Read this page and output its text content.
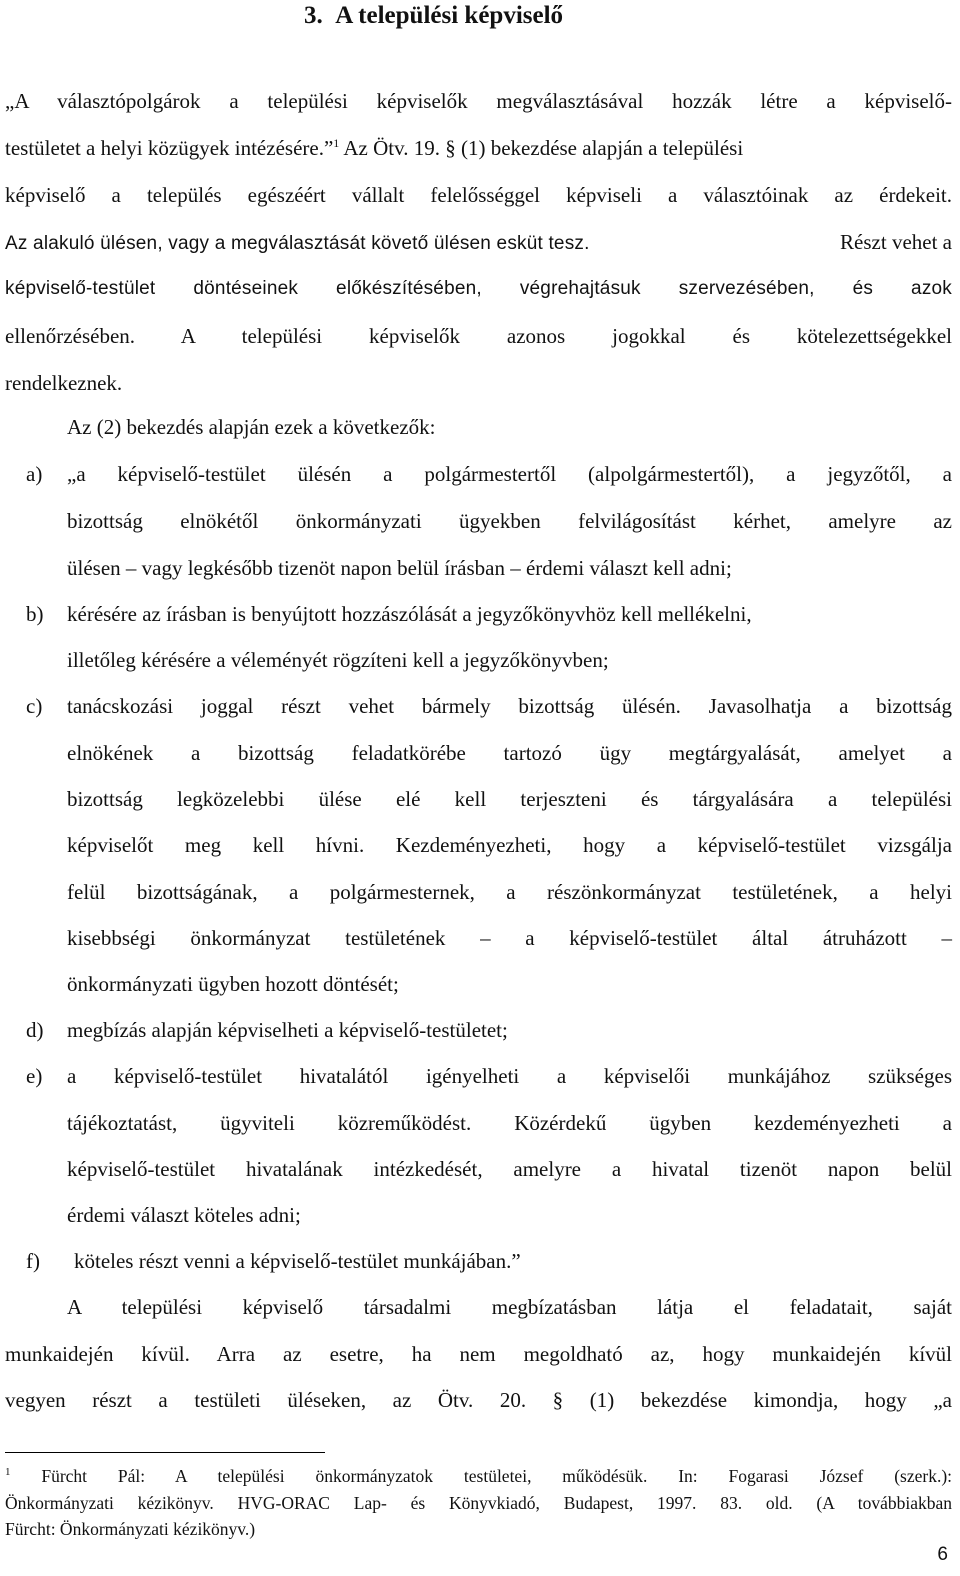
3. A települési képviselő

„A választópolgárok a települési képviselők megválasztásával hozzák létre a képviselő-

testületet a helyi közügyek intézésére.”$^1$ Az Ötv. 19. § (1) bekezdése alapján a települési

képviselő a település egészéért vállalt felelősséggel képviseli a választóinak az érdekeit.

Az alakuló ülésen, vagy a megválasztását követő ülésen esküt tesz.	Részt vehet a

képviselő-testület döntéseinek előkészítésében, végrehajtásuk szervezésében, és azok

ellenőrzésében. A települési képviselők azonos jogokkal és kötelezettségekkel

rendelkeznek.

Az (2) bekezdés alapján ezek a következők:

a) „a képviselő-testület ülésén a polgármestertől (alpolgármestertől), a jegyzőtől, a

bizottság elnökétől önkormányzati ügyekben felvilágosítást kérhet, amelyre az

ülésen – vagy legkésőbb tizenöt napon belül írásban – érdemi választ kell adni;

b) kérésére az írásban is benyújtott hozzászólását a jegyzőkönyvhöz kell mellékelni,

illetőleg kérésére a véleményét rögzíteni kell a jegyzőkönyvben;

c) tanácskozási joggal részt vehet bármely bizottság ülésén. Javasolhatja a bizottság

elnökének a bizottság feladatkörébe tartozó ügy megtárgyalását, amelyet a

bizottság legközelebbi ülése elé kell terjeszteni és tárgyalására a települési

képviselőt meg kell hívni. Kezdeményezheti, hogy a képviselő-testület vizsgálja

felül bizottságának, a polgármesternek, a részönkormányzat testületének, a helyi

kisebbségi önkormányzat testületének – a képviselő-testület által átruházott –

önkormányzati ügyben hozott döntését;

d) megbízás alapján képviselheti a képviselő-testületet;

e) a képviselő-testület hivatalától igényelheti a képviselői munkájához szükséges

tájékoztatást, ügyviteli közreműködést. Közérdekű ügyben kezdeményezheti a

képviselő-testület hivatalának intézkedését, amelyre a hivatal tizenöt napon belül

érdemi választ köteles adni;

f) köteles részt venni a képviselő-testület munkájában.”

A települési képviselő társadalmi megbízatásban látja el feladatait, saját

munkaidején kívül. Arra az esetre, ha nem megoldható az, hogy munkaidején kívül

vegyen részt a testületi üléseken, az Ötv. 20. § (1) bekezdése kimondja, hogy „a

$^1$ Fürcht Pál: A települési önkormányzatok testületei, működésük. In: Fogarasi József (szerk.):

Önkormányzati kézikönyv. HVG-ORAC Lap- és Könyvkiadó, Budapest, 1997. 83. old. (A továbbiakban

Fürcht: Önkormányzati kézikönyv.)

6
